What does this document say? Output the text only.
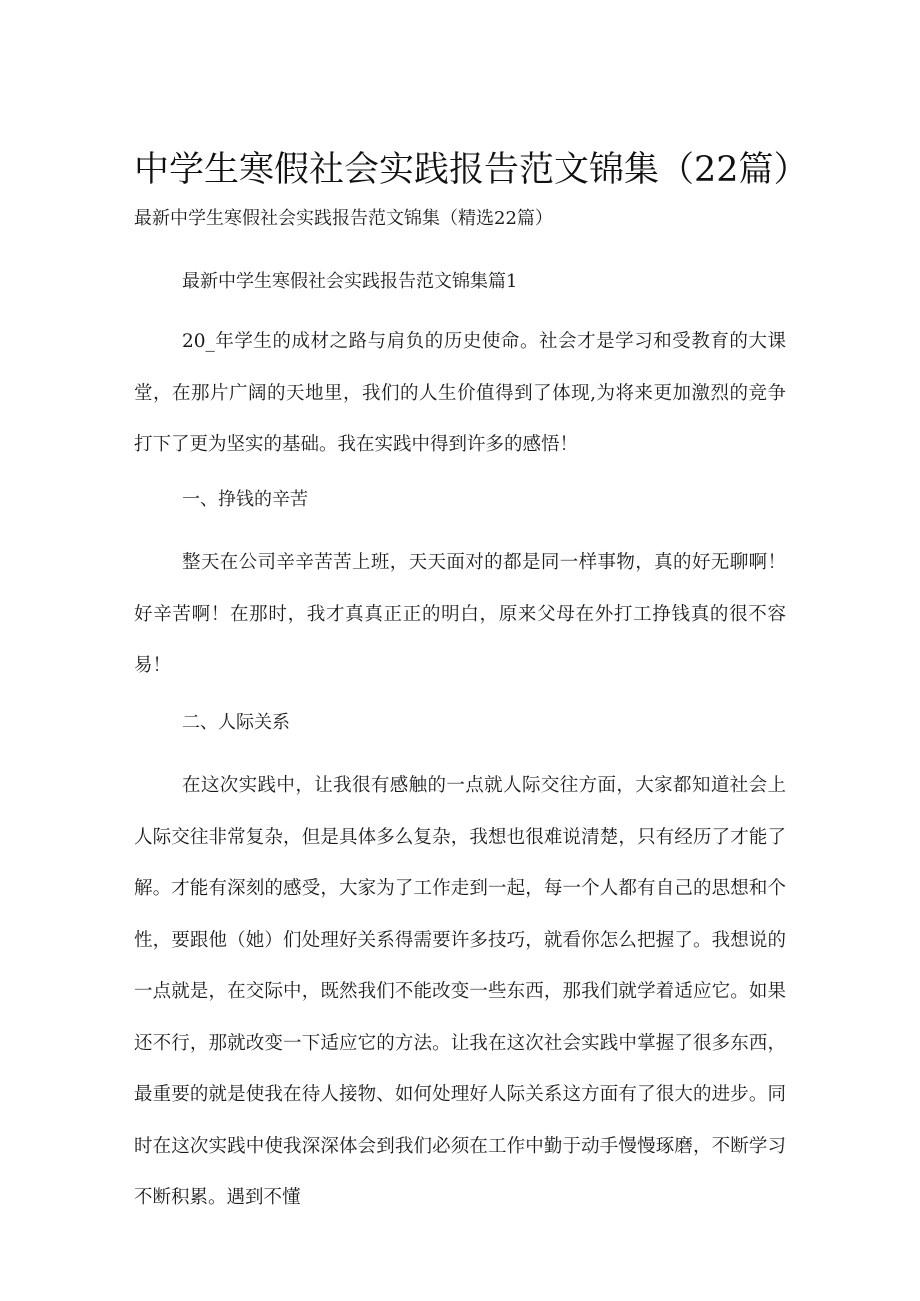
中学生寒假社会实践报告范文锦集（22篇）
最新中学生寒假社会实践报告范文锦集（精选22篇）
最新中学生寒假社会实践报告范文锦集篇1

20_年学生的成材之路与肩负的历史使命。社会才是学习和受教育的大课堂，在那片广阔的天地里，我们的人生价值得到了体现,为将来更加激烈的竞争打下了更为坚实的基础。我在实践中得到许多的感悟！

一、挣钱的辛苦

整天在公司辛辛苦苦上班，天天面对的都是同一样事物，真的好无聊啊！好辛苦啊！在那时，我才真真正正的明白，原来父母在外打工挣钱真的很不容易！

二、人际关系

在这次实践中，让我很有感触的一点就人际交往方面，大家都知道社会上人际交往非常复杂，但是具体多么复杂，我想也很难说清楚，只有经历了才能了解。才能有深刻的感受，大家为了工作走到一起，每一个人都有自己的思想和个性，要跟他（她）们处理好关系得需要许多技巧，就看你怎么把握了。我想说的一点就是，在交际中，既然我们不能改变一些东西，那我们就学着适应它。如果还不行，那就改变一下适应它的方法。让我在这次社会实践中掌握了很多东西，最重要的就是使我在待人接物、如何处理好人际关系这方面有了很大的进步。同时在这次实践中使我深深体会到我们必须在工作中勤于动手慢慢琢磨，不断学习不断积累。遇到不懂
